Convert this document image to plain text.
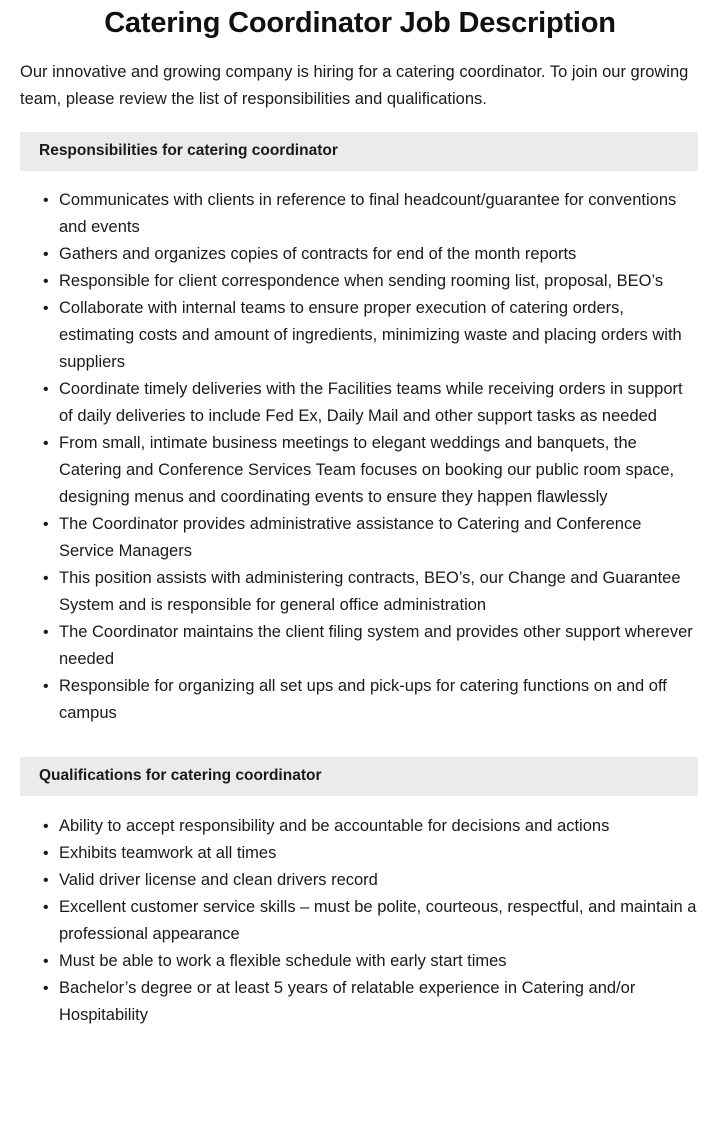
Catering Coordinator Job Description

Our innovative and growing company is hiring for a catering coordinator. To join our growing team, please review the list of responsibilities and qualifications.

Responsibilities for catering coordinator
• Communicates with clients in reference to final headcount/guarantee for conventions and events
• Gathers and organizes copies of contracts for end of the month reports
• Responsible for client correspondence when sending rooming list, proposal, BEO’s
• Collaborate with internal teams to ensure proper execution of catering orders, estimating costs and amount of ingredients, minimizing waste and placing orders with suppliers
• Coordinate timely deliveries with the Facilities teams while receiving orders in support of daily deliveries to include Fed Ex, Daily Mail and other support tasks as needed
• From small, intimate business meetings to elegant weddings and banquets, the Catering and Conference Services Team focuses on booking our public room space, designing menus and coordinating events to ensure they happen flawlessly
• The Coordinator provides administrative assistance to Catering and Conference Service Managers
• This position assists with administering contracts, BEO’s, our Change and Guarantee System and is responsible for general office administration
• The Coordinator maintains the client filing system and provides other support wherever needed
• Responsible for organizing all set ups and pick-ups for catering functions on and off campus
Qualifications for catering coordinator
• Ability to accept responsibility and be accountable for decisions and actions
• Exhibits teamwork at all times
• Valid driver license and clean drivers record
• Excellent customer service skills – must be polite, courteous, respectful, and maintain a professional appearance
• Must be able to work a flexible schedule with early start times
• Bachelor’s degree or at least 5 years of relatable experience in Catering and/or Hospitability
